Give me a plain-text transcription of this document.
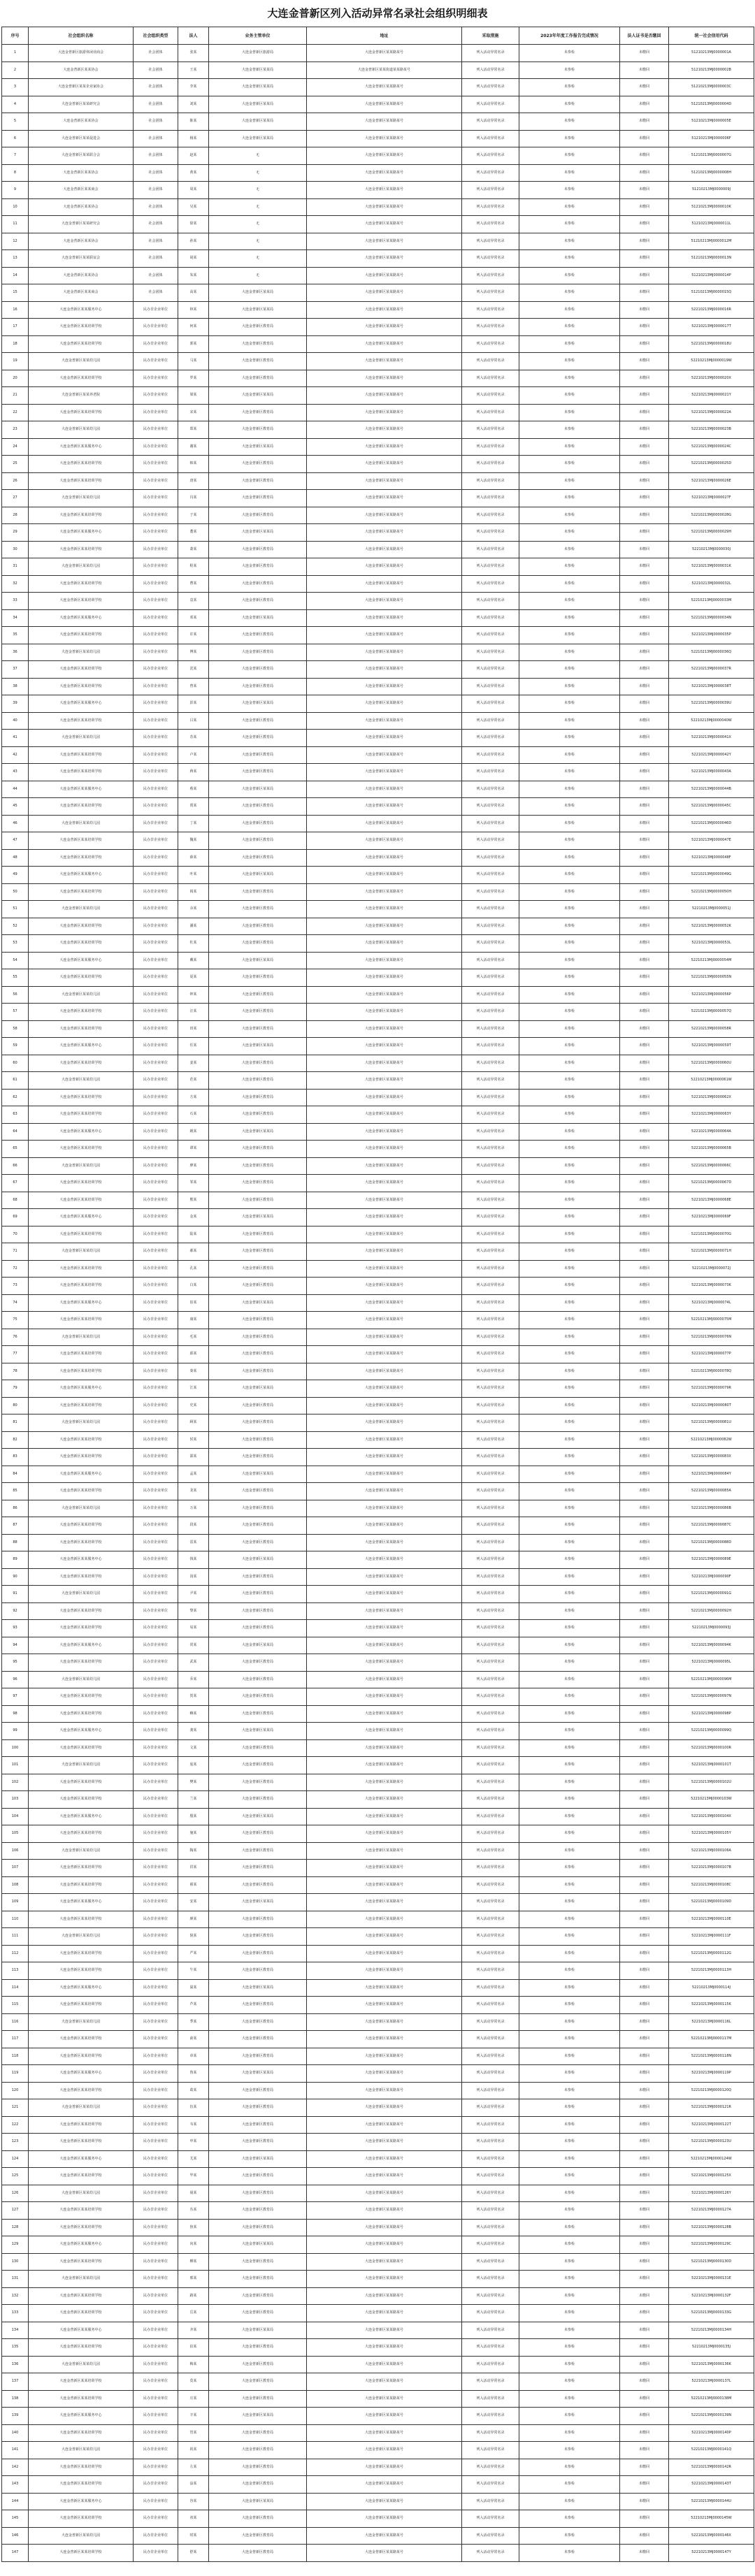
大连金普新区列入活动异常名录社会组织明细表
序号	社会组织名称	社会组织类型	法人	业务主管单位	地址	采取措施	2023年年度工作报告完成情况	法人证书是否缴回	统一社会信用代码
1	大连金普新区旅游休闲业商会	社会团体	张某	大连金普新区旅游局	大连金普新区某某路某号	列入活动异常名录	未参检	未缴回	51210213MJ0000001A
2	大连金普新区某某协会	社会团体	王某	大连金普新区某某局	大连金普新区某某街道某某路某号	列入活动异常名录	未参检	未缴回	51210213MJ0000002B
3	大连金普新区某某企业家协会	社会团体	李某	大连金普新区某某局	大连金普新区某某路某号	列入活动异常名录	未参检	未缴回	51210213MJ0000003C
4	大连金普新区某某研究会	社会团体	刘某	大连金普新区某某局	大连金普新区某某路某号	列入活动异常名录	未参检	未缴回	51210213MJ0000004D
5	大连金普新区某某协会	社会团体	陈某	大连金普新区某某局	大连金普新区某某路某号	列入活动异常名录	未参检	未缴回	51210213MJ0000005E
6	大连金普新区某某促进会	社会团体	杨某	大连金普新区某某局	大连金普新区某某路某号	列入活动异常名录	未参检	未缴回	51210213MJ0000006F
7	大连金普新区某某联合会	社会团体	赵某	无	大连金普新区某某路某号	列入活动异常名录	未参检	未缴回	51210213MJ0000007G
8	大连金普新区某某协会	社会团体	黄某	无	大连金普新区某某路某号	列入活动异常名录	未参检	未缴回	51210213MJ0000008H
9	大连金普新区某某商会	社会团体	周某	无	大连金普新区某某路某号	列入活动异常名录	未参检	未缴回	51210213MJ0000009J
10	大连金普新区某某协会	社会团体	吴某	无	大连金普新区某某路某号	列入活动异常名录	未参检	未缴回	51210213MJ0000010K
11	大连金普新区某某研究会	社会团体	徐某	无	大连金普新区某某路某号	列入活动异常名录	未参检	未缴回	51210213MJ0000011L
12	大连金普新区某某协会	社会团体	孙某	无	大连金普新区某某路某号	列入活动异常名录	未参检	未缴回	51210213MJ0000012M
13	大连金普新区某某联谊会	社会团体	胡某	无	大连金普新区某某路某号	列入活动异常名录	未参检	未缴回	51210213MJ0000013N
14	大连金普新区某某协会	社会团体	朱某	无	大连金普新区某某路某号	列入活动异常名录	未参检	未缴回	51210213MJ0000014P
15	大连金普新区某某商会	社会团体	高某	大连金普新区某某局	大连金普新区某某路某号	列入活动异常名录	未参检	未缴回	51210213MJ0000015Q
16	大连金普新区某某服务中心	民办非企业单位	林某	大连金普新区某某局	大连金普新区某某路某号	列入活动异常名录	未参检	未缴回	52210213MJ0000016R
17	大连金普新区某某培训学校	民办非企业单位	何某	大连金普新区教育局	大连金普新区某某路某号	列入活动异常名录	未参检	未缴回	52210213MJ0000017T
18	大连金普新区某某培训学校	民办非企业单位	郭某	大连金普新区教育局	大连金普新区某某路某号	列入活动异常名录	未参检	未缴回	52210213MJ0000018U
19	大连金普新区某某幼儿园	民办非企业单位	马某	大连金普新区教育局	大连金普新区某某路某号	列入活动异常名录	未参检	未缴回	52210213MJ0000019W
20	大连金普新区某某培训学校	民办非企业单位	罗某	大连金普新区教育局	大连金普新区某某路某号	列入活动异常名录	未参检	未缴回	52210213MJ0000020X
21	大连金普新区某某养老院	民办非企业单位	梁某	大连金普新区某某局	大连金普新区某某路某号	列入活动异常名录	未参检	未缴回	52210213MJ0000021Y
22	大连金普新区某某培训学校	民办非企业单位	宋某	大连金普新区教育局	大连金普新区某某路某号	列入活动异常名录	未参检	未缴回	52210213MJ0000022A
23	大连金普新区某某幼儿园	民办非企业单位	郑某	大连金普新区教育局	大连金普新区某某路某号	列入活动异常名录	未参检	未缴回	52210213MJ0000023B
24	大连金普新区某某服务中心	民办非企业单位	谢某	大连金普新区某某局	大连金普新区某某路某号	列入活动异常名录	未参检	未缴回	52210213MJ0000024C
25	大连金普新区某某培训学校	民办非企业单位	韩某	大连金普新区教育局	大连金普新区某某路某号	列入活动异常名录	未参检	未缴回	52210213MJ0000025D
26	大连金普新区某某培训学校	民办非企业单位	唐某	大连金普新区教育局	大连金普新区某某路某号	列入活动异常名录	未参检	未缴回	52210213MJ0000026E
27	大连金普新区某某幼儿园	民办非企业单位	冯某	大连金普新区教育局	大连金普新区某某路某号	列入活动异常名录	未参检	未缴回	52210213MJ0000027F
28	大连金普新区某某培训学校	民办非企业单位	于某	大连金普新区教育局	大连金普新区某某路某号	列入活动异常名录	未参检	未缴回	52210213MJ0000028G
29	大连金普新区某某服务中心	民办非企业单位	董某	大连金普新区某某局	大连金普新区某某路某号	列入活动异常名录	未参检	未缴回	52210213MJ0000029H
30	大连金普新区某某培训学校	民办非企业单位	萧某	大连金普新区教育局	大连金普新区某某路某号	列入活动异常名录	未参检	未缴回	52210213MJ0000030J
31	大连金普新区某某幼儿园	民办非企业单位	程某	大连金普新区教育局	大连金普新区某某路某号	列入活动异常名录	未参检	未缴回	52210213MJ0000031K
32	大连金普新区某某培训学校	民办非企业单位	曹某	大连金普新区教育局	大连金普新区某某路某号	列入活动异常名录	未参检	未缴回	52210213MJ0000032L
33	大连金普新区某某培训学校	民办非企业单位	袁某	大连金普新区教育局	大连金普新区某某路某号	列入活动异常名录	未参检	未缴回	52210213MJ0000033M
34	大连金普新区某某服务中心	民办非企业单位	邓某	大连金普新区某某局	大连金普新区某某路某号	列入活动异常名录	未参检	未缴回	52210213MJ0000034N
35	大连金普新区某某培训学校	民办非企业单位	许某	大连金普新区教育局	大连金普新区某某路某号	列入活动异常名录	未参检	未缴回	52210213MJ0000035P
36	大连金普新区某某幼儿园	民办非企业单位	傅某	大连金普新区教育局	大连金普新区某某路某号	列入活动异常名录	未参检	未缴回	52210213MJ0000036Q
37	大连金普新区某某培训学校	民办非企业单位	沈某	大连金普新区教育局	大连金普新区某某路某号	列入活动异常名录	未参检	未缴回	52210213MJ0000037R
38	大连金普新区某某培训学校	民办非企业单位	曾某	大连金普新区教育局	大连金普新区某某路某号	列入活动异常名录	未参检	未缴回	52210213MJ0000038T
39	大连金普新区某某服务中心	民办非企业单位	彭某	大连金普新区某某局	大连金普新区某某路某号	列入活动异常名录	未参检	未缴回	52210213MJ0000039U
40	大连金普新区某某培训学校	民办非企业单位	吕某	大连金普新区教育局	大连金普新区某某路某号	列入活动异常名录	未参检	未缴回	52210213MJ0000040W
41	大连金普新区某某幼儿园	民办非企业单位	苏某	大连金普新区教育局	大连金普新区某某路某号	列入活动异常名录	未参检	未缴回	52210213MJ0000041X
42	大连金普新区某某培训学校	民办非企业单位	卢某	大连金普新区教育局	大连金普新区某某路某号	列入活动异常名录	未参检	未缴回	52210213MJ0000042Y
43	大连金普新区某某培训学校	民办非企业单位	蒋某	大连金普新区教育局	大连金普新区某某路某号	列入活动异常名录	未参检	未缴回	52210213MJ0000043A
44	大连金普新区某某服务中心	民办非企业单位	蔡某	大连金普新区某某局	大连金普新区某某路某号	列入活动异常名录	未参检	未缴回	52210213MJ0000044B
45	大连金普新区某某培训学校	民办非企业单位	贾某	大连金普新区教育局	大连金普新区某某路某号	列入活动异常名录	未参检	未缴回	52210213MJ0000045C
46	大连金普新区某某幼儿园	民办非企业单位	丁某	大连金普新区教育局	大连金普新区某某路某号	列入活动异常名录	未参检	未缴回	52210213MJ0000046D
47	大连金普新区某某培训学校	民办非企业单位	魏某	大连金普新区教育局	大连金普新区某某路某号	列入活动异常名录	未参检	未缴回	52210213MJ0000047E
48	大连金普新区某某培训学校	民办非企业单位	薛某	大连金普新区教育局	大连金普新区某某路某号	列入活动异常名录	未参检	未缴回	52210213MJ0000048F
49	大连金普新区某某服务中心	民办非企业单位	叶某	大连金普新区某某局	大连金普新区某某路某号	列入活动异常名录	未参检	未缴回	52210213MJ0000049G
50	大连金普新区某某培训学校	民办非企业单位	阎某	大连金普新区教育局	大连金普新区某某路某号	列入活动异常名录	未参检	未缴回	52210213MJ0000050H
51	大连金普新区某某幼儿园	民办非企业单位	余某	大连金普新区教育局	大连金普新区某某路某号	列入活动异常名录	未参检	未缴回	52210213MJ0000051J
52	大连金普新区某某培训学校	民办非企业单位	潘某	大连金普新区教育局	大连金普新区某某路某号	列入活动异常名录	未参检	未缴回	52210213MJ0000052K
53	大连金普新区某某培训学校	民办非企业单位	杜某	大连金普新区教育局	大连金普新区某某路某号	列入活动异常名录	未参检	未缴回	52210213MJ0000053L
54	大连金普新区某某服务中心	民办非企业单位	戴某	大连金普新区某某局	大连金普新区某某路某号	列入活动异常名录	未参检	未缴回	52210213MJ0000054M
55	大连金普新区某某培训学校	民办非企业单位	夏某	大连金普新区教育局	大连金普新区某某路某号	列入活动异常名录	未参检	未缴回	52210213MJ0000055N
56	大连金普新区某某幼儿园	民办非企业单位	钟某	大连金普新区教育局	大连金普新区某某路某号	列入活动异常名录	未参检	未缴回	52210213MJ0000056P
57	大连金普新区某某培训学校	民办非企业单位	汪某	大连金普新区教育局	大连金普新区某某路某号	列入活动异常名录	未参检	未缴回	52210213MJ0000057Q
58	大连金普新区某某培训学校	民办非企业单位	田某	大连金普新区教育局	大连金普新区某某路某号	列入活动异常名录	未参检	未缴回	52210213MJ0000058R
59	大连金普新区某某服务中心	民办非企业单位	任某	大连金普新区某某局	大连金普新区某某路某号	列入活动异常名录	未参检	未缴回	52210213MJ0000059T
60	大连金普新区某某培训学校	民办非企业单位	姜某	大连金普新区教育局	大连金普新区某某路某号	列入活动异常名录	未参检	未缴回	52210213MJ0000060U
61	大连金普新区某某幼儿园	民办非企业单位	范某	大连金普新区教育局	大连金普新区某某路某号	列入活动异常名录	未参检	未缴回	52210213MJ0000061W
62	大连金普新区某某培训学校	民办非企业单位	方某	大连金普新区教育局	大连金普新区某某路某号	列入活动异常名录	未参检	未缴回	52210213MJ0000062X
63	大连金普新区某某培训学校	民办非企业单位	石某	大连金普新区教育局	大连金普新区某某路某号	列入活动异常名录	未参检	未缴回	52210213MJ0000063Y
64	大连金普新区某某服务中心	民办非企业单位	姚某	大连金普新区某某局	大连金普新区某某路某号	列入活动异常名录	未参检	未缴回	52210213MJ0000064A
65	大连金普新区某某培训学校	民办非企业单位	谭某	大连金普新区教育局	大连金普新区某某路某号	列入活动异常名录	未参检	未缴回	52210213MJ0000065B
66	大连金普新区某某幼儿园	民办非企业单位	廖某	大连金普新区教育局	大连金普新区某某路某号	列入活动异常名录	未参检	未缴回	52210213MJ0000066C
67	大连金普新区某某培训学校	民办非企业单位	邹某	大连金普新区教育局	大连金普新区某某路某号	列入活动异常名录	未参检	未缴回	52210213MJ0000067D
68	大连金普新区某某培训学校	民办非企业单位	熊某	大连金普新区教育局	大连金普新区某某路某号	列入活动异常名录	未参检	未缴回	52210213MJ0000068E
69	大连金普新区某某服务中心	民办非企业单位	金某	大连金普新区某某局	大连金普新区某某路某号	列入活动异常名录	未参检	未缴回	52210213MJ0000069F
70	大连金普新区某某培训学校	民办非企业单位	陆某	大连金普新区教育局	大连金普新区某某路某号	列入活动异常名录	未参检	未缴回	52210213MJ0000070G
71	大连金普新区某某幼儿园	民办非企业单位	郝某	大连金普新区教育局	大连金普新区某某路某号	列入活动异常名录	未参检	未缴回	52210213MJ0000071H
72	大连金普新区某某培训学校	民办非企业单位	孔某	大连金普新区教育局	大连金普新区某某路某号	列入活动异常名录	未参检	未缴回	52210213MJ0000072J
73	大连金普新区某某培训学校	民办非企业单位	白某	大连金普新区教育局	大连金普新区某某路某号	列入活动异常名录	未参检	未缴回	52210213MJ0000073K
74	大连金普新区某某服务中心	民办非企业单位	崔某	大连金普新区某某局	大连金普新区某某路某号	列入活动异常名录	未参检	未缴回	52210213MJ0000074L
75	大连金普新区某某培训学校	民办非企业单位	康某	大连金普新区教育局	大连金普新区某某路某号	列入活动异常名录	未参检	未缴回	52210213MJ0000075M
76	大连金普新区某某幼儿园	民办非企业单位	毛某	大连金普新区教育局	大连金普新区某某路某号	列入活动异常名录	未参检	未缴回	52210213MJ0000076N
77	大连金普新区某某培训学校	民办非企业单位	邱某	大连金普新区教育局	大连金普新区某某路某号	列入活动异常名录	未参检	未缴回	52210213MJ0000077P
78	大连金普新区某某培训学校	民办非企业单位	秦某	大连金普新区教育局	大连金普新区某某路某号	列入活动异常名录	未参检	未缴回	52210213MJ0000078Q
79	大连金普新区某某服务中心	民办非企业单位	江某	大连金普新区某某局	大连金普新区某某路某号	列入活动异常名录	未参检	未缴回	52210213MJ0000079R
80	大连金普新区某某培训学校	民办非企业单位	史某	大连金普新区教育局	大连金普新区某某路某号	列入活动异常名录	未参检	未缴回	52210213MJ0000080T
81	大连金普新区某某幼儿园	民办非企业单位	顾某	大连金普新区教育局	大连金普新区某某路某号	列入活动异常名录	未参检	未缴回	52210213MJ0000081U
82	大连金普新区某某培训学校	民办非企业单位	侯某	大连金普新区教育局	大连金普新区某某路某号	列入活动异常名录	未参检	未缴回	52210213MJ0000082W
83	大连金普新区某某培训学校	民办非企业单位	邵某	大连金普新区教育局	大连金普新区某某路某号	列入活动异常名录	未参检	未缴回	52210213MJ0000083X
84	大连金普新区某某服务中心	民办非企业单位	孟某	大连金普新区某某局	大连金普新区某某路某号	列入活动异常名录	未参检	未缴回	52210213MJ0000084Y
85	大连金普新区某某培训学校	民办非企业单位	龙某	大连金普新区教育局	大连金普新区某某路某号	列入活动异常名录	未参检	未缴回	52210213MJ0000085A
86	大连金普新区某某幼儿园	民办非企业单位	万某	大连金普新区教育局	大连金普新区某某路某号	列入活动异常名录	未参检	未缴回	52210213MJ0000086B
87	大连金普新区某某培训学校	民办非企业单位	段某	大连金普新区教育局	大连金普新区某某路某号	列入活动异常名录	未参检	未缴回	52210213MJ0000087C
88	大连金普新区某某培训学校	民办非企业单位	雷某	大连金普新区教育局	大连金普新区某某路某号	列入活动异常名录	未参检	未缴回	52210213MJ0000088D
89	大连金普新区某某服务中心	民办非企业单位	钱某	大连金普新区某某局	大连金普新区某某路某号	列入活动异常名录	未参检	未缴回	52210213MJ0000089E
90	大连金普新区某某培训学校	民办非企业单位	汤某	大连金普新区教育局	大连金普新区某某路某号	列入活动异常名录	未参检	未缴回	52210213MJ0000090F
91	大连金普新区某某幼儿园	民办非企业单位	尹某	大连金普新区教育局	大连金普新区某某路某号	列入活动异常名录	未参检	未缴回	52210213MJ0000091G
92	大连金普新区某某培训学校	民办非企业单位	黎某	大连金普新区教育局	大连金普新区某某路某号	列入活动异常名录	未参检	未缴回	52210213MJ0000092H
93	大连金普新区某某培训学校	民办非企业单位	易某	大连金普新区教育局	大连金普新区某某路某号	列入活动异常名录	未参检	未缴回	52210213MJ0000093J
94	大连金普新区某某服务中心	民办非企业单位	常某	大连金普新区某某局	大连金普新区某某路某号	列入活动异常名录	未参检	未缴回	52210213MJ0000094K
95	大连金普新区某某培训学校	民办非企业单位	武某	大连金普新区教育局	大连金普新区某某路某号	列入活动异常名录	未参检	未缴回	52210213MJ0000095L
96	大连金普新区某某幼儿园	民办非企业单位	乔某	大连金普新区教育局	大连金普新区某某路某号	列入活动异常名录	未参检	未缴回	52210213MJ0000096M
97	大连金普新区某某培训学校	民办非企业单位	贺某	大连金普新区教育局	大连金普新区某某路某号	列入活动异常名录	未参检	未缴回	52210213MJ0000097N
98	大连金普新区某某培训学校	民办非企业单位	赖某	大连金普新区教育局	大连金普新区某某路某号	列入活动异常名录	未参检	未缴回	52210213MJ0000098P
99	大连金普新区某某服务中心	民办非企业单位	龚某	大连金普新区某某局	大连金普新区某某路某号	列入活动异常名录	未参检	未缴回	52210213MJ0000099Q
100	大连金普新区某某培训学校	民办非企业单位	文某	大连金普新区教育局	大连金普新区某某路某号	列入活动异常名录	未参检	未缴回	52210213MJ0000100R
101	大连金普新区某某幼儿园	民办非企业单位	庞某	大连金普新区教育局	大连金普新区某某路某号	列入活动异常名录	未参检	未缴回	52210213MJ0000101T
102	大连金普新区某某培训学校	民办非企业单位	樊某	大连金普新区教育局	大连金普新区某某路某号	列入活动异常名录	未参检	未缴回	52210213MJ0000102U
103	大连金普新区某某培训学校	民办非企业单位	兰某	大连金普新区教育局	大连金普新区某某路某号	列入活动异常名录	未参检	未缴回	52210213MJ0000103W
104	大连金普新区某某服务中心	民办非企业单位	殷某	大连金普新区某某局	大连金普新区某某路某号	列入活动异常名录	未参检	未缴回	52210213MJ0000104X
105	大连金普新区某某培训学校	民办非企业单位	施某	大连金普新区教育局	大连金普新区某某路某号	列入活动异常名录	未参检	未缴回	52210213MJ0000105Y
106	大连金普新区某某幼儿园	民办非企业单位	陶某	大连金普新区教育局	大连金普新区某某路某号	列入活动异常名录	未参检	未缴回	52210213MJ0000106A
107	大连金普新区某某培训学校	民办非企业单位	洪某	大连金普新区教育局	大连金普新区某某路某号	列入活动异常名录	未参检	未缴回	52210213MJ0000107B
108	大连金普新区某某培训学校	民办非企业单位	翟某	大连金普新区教育局	大连金普新区某某路某号	列入活动异常名录	未参检	未缴回	52210213MJ0000108C
109	大连金普新区某某服务中心	民办非企业单位	安某	大连金普新区某某局	大连金普新区某某路某号	列入活动异常名录	未参检	未缴回	52210213MJ0000109D
110	大连金普新区某某培训学校	民办非企业单位	颜某	大连金普新区教育局	大连金普新区某某路某号	列入活动异常名录	未参检	未缴回	52210213MJ0000110E
111	大连金普新区某某幼儿园	民办非企业单位	倪某	大连金普新区教育局	大连金普新区某某路某号	列入活动异常名录	未参检	未缴回	52210213MJ0000111F
112	大连金普新区某某培训学校	民办非企业单位	严某	大连金普新区教育局	大连金普新区某某路某号	列入活动异常名录	未参检	未缴回	52210213MJ0000112G
113	大连金普新区某某培训学校	民办非企业单位	牛某	大连金普新区教育局	大连金普新区某某路某号	列入活动异常名录	未参检	未缴回	52210213MJ0000113H
114	大连金普新区某某服务中心	民办非企业单位	温某	大连金普新区某某局	大连金普新区某某路某号	列入活动异常名录	未参检	未缴回	52210213MJ0000114J
115	大连金普新区某某培训学校	民办非企业单位	芦某	大连金普新区教育局	大连金普新区某某路某号	列入活动异常名录	未参检	未缴回	52210213MJ0000115K
116	大连金普新区某某幼儿园	民办非企业单位	季某	大连金普新区教育局	大连金普新区某某路某号	列入活动异常名录	未参检	未缴回	52210213MJ0000116L
117	大连金普新区某某培训学校	民办非企业单位	俞某	大连金普新区教育局	大连金普新区某某路某号	列入活动异常名录	未参检	未缴回	52210213MJ0000117M
118	大连金普新区某某培训学校	民办非企业单位	章某	大连金普新区教育局	大连金普新区某某路某号	列入活动异常名录	未参检	未缴回	52210213MJ0000118N
119	大连金普新区某某服务中心	民办非企业单位	鲁某	大连金普新区某某局	大连金普新区某某路某号	列入活动异常名录	未参检	未缴回	52210213MJ0000119P
120	大连金普新区某某培训学校	民办非企业单位	葛某	大连金普新区教育局	大连金普新区某某路某号	列入活动异常名录	未参检	未缴回	52210213MJ0000120Q
121	大连金普新区某某幼儿园	民办非企业单位	伍某	大连金普新区教育局	大连金普新区某某路某号	列入活动异常名录	未参检	未缴回	52210213MJ0000121R
122	大连金普新区某某培训学校	民办非企业单位	韦某	大连金普新区教育局	大连金普新区某某路某号	列入活动异常名录	未参检	未缴回	52210213MJ0000122T
123	大连金普新区某某培训学校	民办非企业单位	申某	大连金普新区教育局	大连金普新区某某路某号	列入活动异常名录	未参检	未缴回	52210213MJ0000123U
124	大连金普新区某某服务中心	民办非企业单位	尤某	大连金普新区某某局	大连金普新区某某路某号	列入活动异常名录	未参检	未缴回	52210213MJ0000124W
125	大连金普新区某某培训学校	民办非企业单位	毕某	大连金普新区教育局	大连金普新区某某路某号	列入活动异常名录	未参检	未缴回	52210213MJ0000125X
126	大连金普新区某某幼儿园	民办非企业单位	聂某	大连金普新区教育局	大连金普新区某某路某号	列入活动异常名录	未参检	未缴回	52210213MJ0000126Y
127	大连金普新区某某培训学校	民办非企业单位	丛某	大连金普新区教育局	大连金普新区某某路某号	列入活动异常名录	未参检	未缴回	52210213MJ0000127A
128	大连金普新区某某培训学校	民办非企业单位	焦某	大连金普新区教育局	大连金普新区某某路某号	列入活动异常名录	未参检	未缴回	52210213MJ0000128B
129	大连金普新区某某服务中心	民办非企业单位	向某	大连金普新区某某局	大连金普新区某某路某号	列入活动异常名录	未参检	未缴回	52210213MJ0000129C
130	大连金普新区某某培训学校	民办非企业单位	柳某	大连金普新区教育局	大连金普新区某某路某号	列入活动异常名录	未参检	未缴回	52210213MJ0000130D
131	大连金普新区某某幼儿园	民办非企业单位	邢某	大连金普新区教育局	大连金普新区某某路某号	列入活动异常名录	未参检	未缴回	52210213MJ0000131E
132	大连金普新区某某培训学校	民办非企业单位	路某	大连金普新区教育局	大连金普新区某某路某号	列入活动异常名录	未参检	未缴回	52210213MJ0000132F
133	大连金普新区某某培训学校	民办非企业单位	岳某	大连金普新区教育局	大连金普新区某某路某号	列入活动异常名录	未参检	未缴回	52210213MJ0000133G
134	大连金普新区某某服务中心	民办非企业单位	齐某	大连金普新区某某局	大连金普新区某某路某号	列入活动异常名录	未参检	未缴回	52210213MJ0000134H
135	大连金普新区某某培训学校	民办非企业单位	沿某	大连金普新区教育局	大连金普新区某某路某号	列入活动异常名录	未参检	未缴回	52210213MJ0000135J
136	大连金普新区某某幼儿园	民办非企业单位	梅某	大连金普新区教育局	大连金普新区某某路某号	列入活动异常名录	未参检	未缴回	52210213MJ0000136K
137	大连金普新区某某培训学校	民办非企业单位	莫某	大连金普新区教育局	大连金普新区某某路某号	列入活动异常名录	未参检	未缴回	52210213MJ0000137L
138	大连金普新区某某培训学校	民办非企业单位	庄某	大连金普新区教育局	大连金普新区某某路某号	列入活动异常名录	未参检	未缴回	52210213MJ0000138M
139	大连金普新区某某服务中心	民办非企业单位	辛某	大连金普新区某某局	大连金普新区某某路某号	列入活动异常名录	未参检	未缴回	52210213MJ0000139N
140	大连金普新区某某培训学校	民办非企业单位	管某	大连金普新区教育局	大连金普新区某某路某号	列入活动异常名录	未参检	未缴回	52210213MJ0000140P
141	大连金普新区某某幼儿园	民办非企业单位	祝某	大连金普新区教育局	大连金普新区某某路某号	列入活动异常名录	未参检	未缴回	52210213MJ0000141Q
142	大连金普新区某某培训学校	民办非企业单位	左某	大连金普新区教育局	大连金普新区某某路某号	列入活动异常名录	未参检	未缴回	52210213MJ0000142R
143	大连金普新区某某培训学校	民办非企业单位	涂某	大连金普新区教育局	大连金普新区某某路某号	列入活动异常名录	未参检	未缴回	52210213MJ0000143T
144	大连金普新区某某服务中心	民办非企业单位	谷某	大连金普新区某某局	大连金普新区某某路某号	列入活动异常名录	未参检	未缴回	52210213MJ0000144U
145	大连金普新区某某培训学校	民办非企业单位	祁某	大连金普新区教育局	大连金普新区某某路某号	列入活动异常名录	未参检	未缴回	52210213MJ0000145W
146	大连金普新区某某幼儿园	民办非企业单位	时某	大连金普新区教育局	大连金普新区某某路某号	列入活动异常名录	未参检	未缴回	52210213MJ0000146X
147	大连金普新区某某培训学校	民办非企业单位	舒某	大连金普新区教育局	大连金普新区某某路某号	列入活动异常名录	未参检	未缴回	52210213MJ0000147Y
